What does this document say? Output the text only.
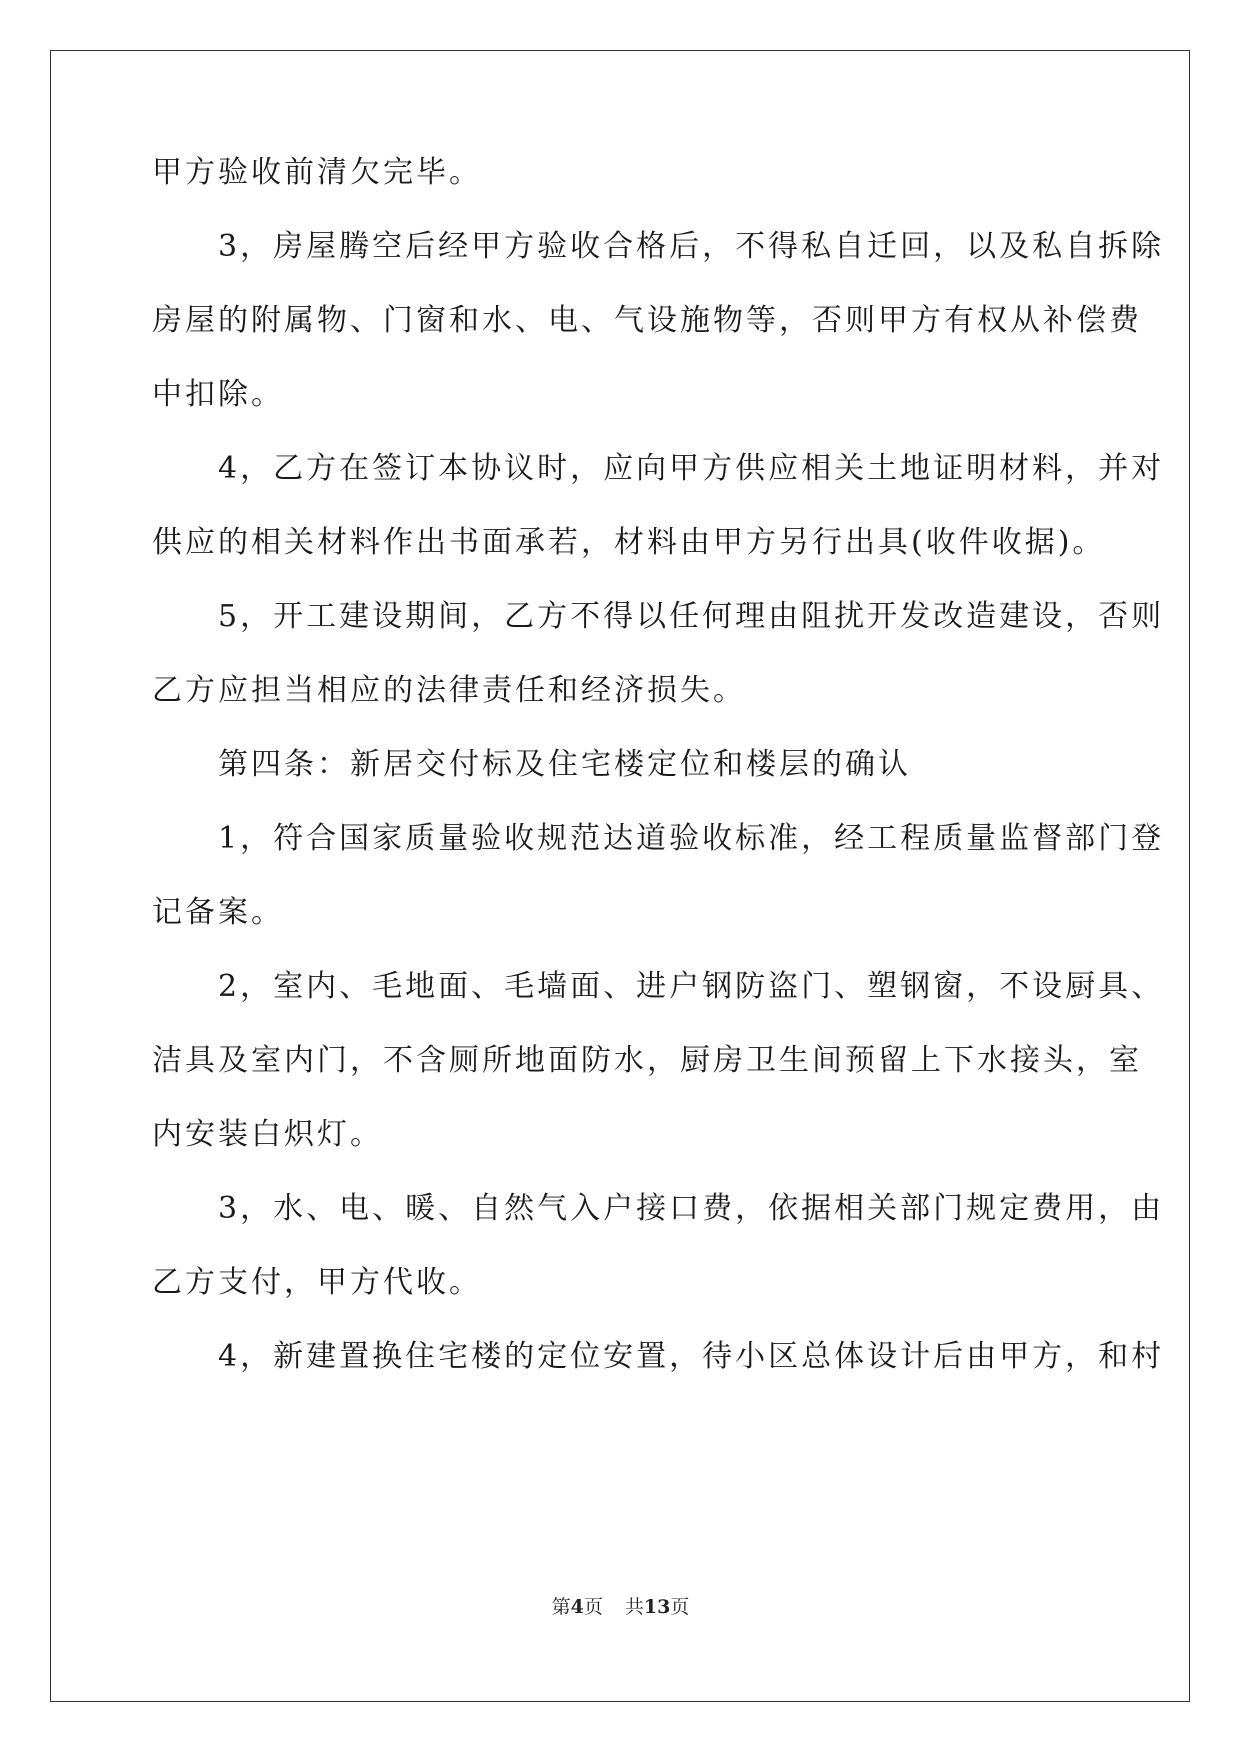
甲方验收前清欠完毕。

　　3，房屋腾空后经甲方验收合格后，不得私自迁回，以及私自拆除

房屋的附属物、门窗和水、电、气设施物等，否则甲方有权从补偿费

中扣除。

　　4，乙方在签订本协议时，应向甲方供应相关土地证明材料，并对

供应的相关材料作出书面承若，材料由甲方另行出具(收件收据)。

　　5，开工建设期间，乙方不得以任何理由阻扰开发改造建设，否则

乙方应担当相应的法律责任和经济损失。

　　第四条：新居交付标及住宅楼定位和楼层的确认

　　1，符合国家质量验收规范达道验收标准，经工程质量监督部门登

记备案。

　　2，室内、毛地面、毛墙面、进户钢防盗门、塑钢窗，不设厨具、

洁具及室内门，不含厕所地面防水，厨房卫生间预留上下水接头，室

内安装白炽灯。

　　3，水、电、暖、自然气入户接口费，依据相关部门规定费用，由

乙方支付，甲方代收。

　　4，新建置换住宅楼的定位安置，待小区总体设计后由甲方，和村

第4页 共13页
